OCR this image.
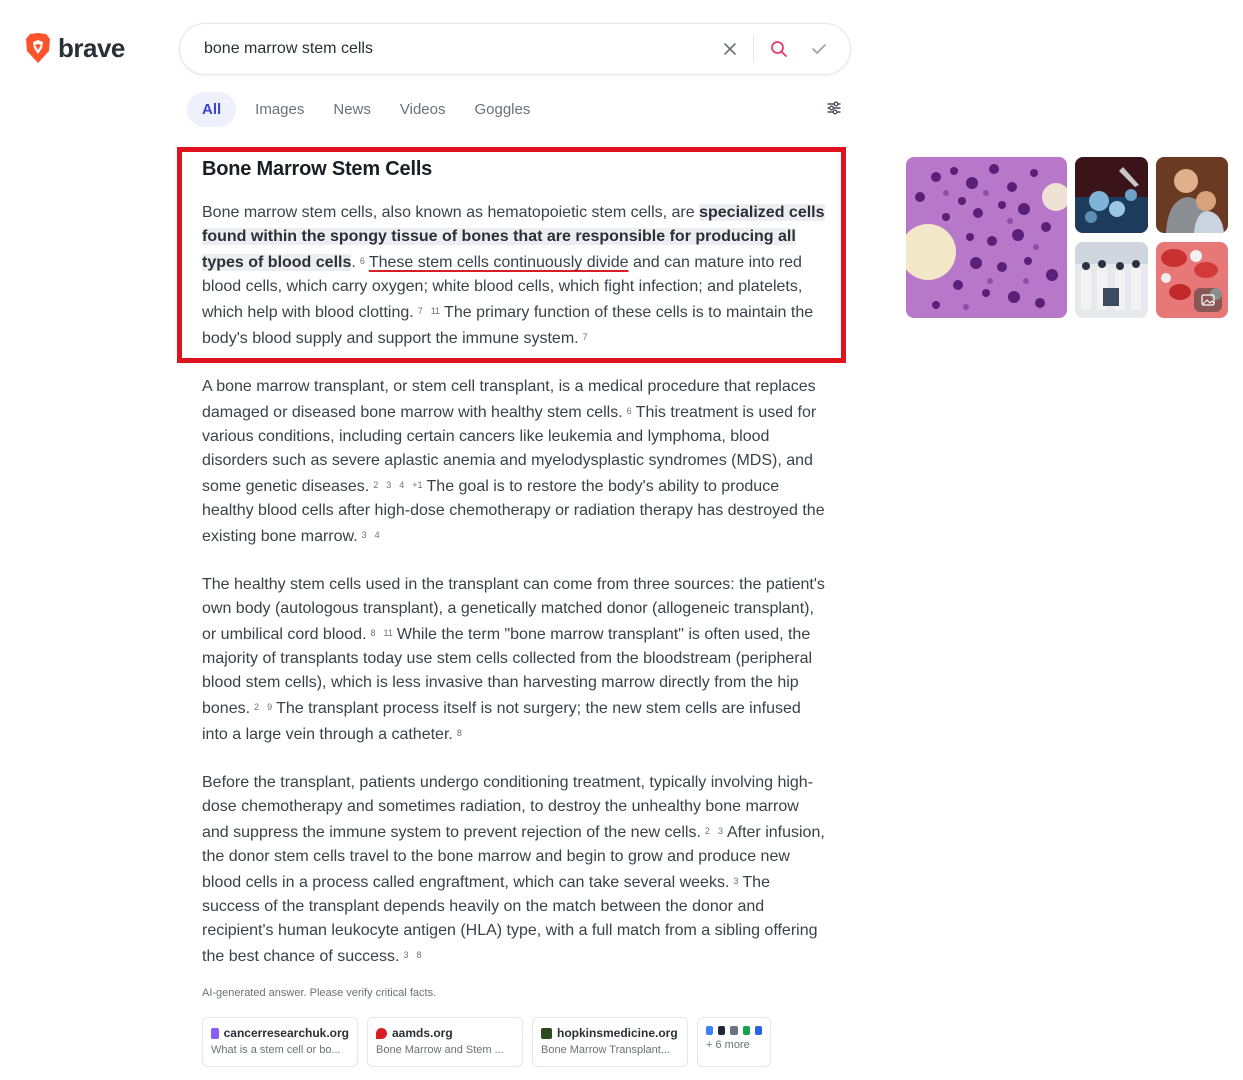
brave	bone marrow stem cells
All	Images	News	Videos	Goggles
Bone Marrow Stem Cells

Bone marrow stem cells, also known as hematopoietic stem cells, are specialized cells found within the spongy tissue of bones that are responsible for producing all types of blood cells. 6 These stem cells continuously divide and can mature into red blood cells, which carry oxygen; white blood cells, which fight infection; and platelets, which help with blood clotting. 7 11 The primary function of these cells is to maintain the body's blood supply and support the immune system. 7

A bone marrow transplant, or stem cell transplant, is a medical procedure that replaces damaged or diseased bone marrow with healthy stem cells. 6 This treatment is used for various conditions, including certain cancers like leukemia and lymphoma, blood disorders such as severe aplastic anemia and myelodysplastic syndromes (MDS), and some genetic diseases. 2 3 4 +1 The goal is to restore the body's ability to produce healthy blood cells after high-dose chemotherapy or radiation therapy has destroyed the existing bone marrow. 3 4

The healthy stem cells used in the transplant can come from three sources: the patient's own body (autologous transplant), a genetically matched donor (allogeneic transplant), or umbilical cord blood. 8 11 While the term "bone marrow transplant" is often used, the majority of transplants today use stem cells collected from the bloodstream (peripheral blood stem cells), which is less invasive than harvesting marrow directly from the hip bones. 2 9 The transplant process itself is not surgery; the new stem cells are infused into a large vein through a catheter. 8

Before the transplant, patients undergo conditioning treatment, typically involving high-dose chemotherapy and sometimes radiation, to destroy the unhealthy bone marrow and suppress the immune system to prevent rejection of the new cells. 2 3 After infusion, the donor stem cells travel to the bone marrow and begin to grow and produce new blood cells in a process called engraftment, which can take several weeks. 3 The success of the transplant depends heavily on the match between the donor and recipient's human leukocyte antigen (HLA) type, with a full match from a sibling offering the best chance of success. 3 8

AI-generated answer. Please verify critical facts.
cancerresearchuk.org
What is a stem cell or bo...
aamds.org
Bone Marrow and Stem ...
hopkinsmedicine.org
Bone Marrow Transplant...	+ 6 more
